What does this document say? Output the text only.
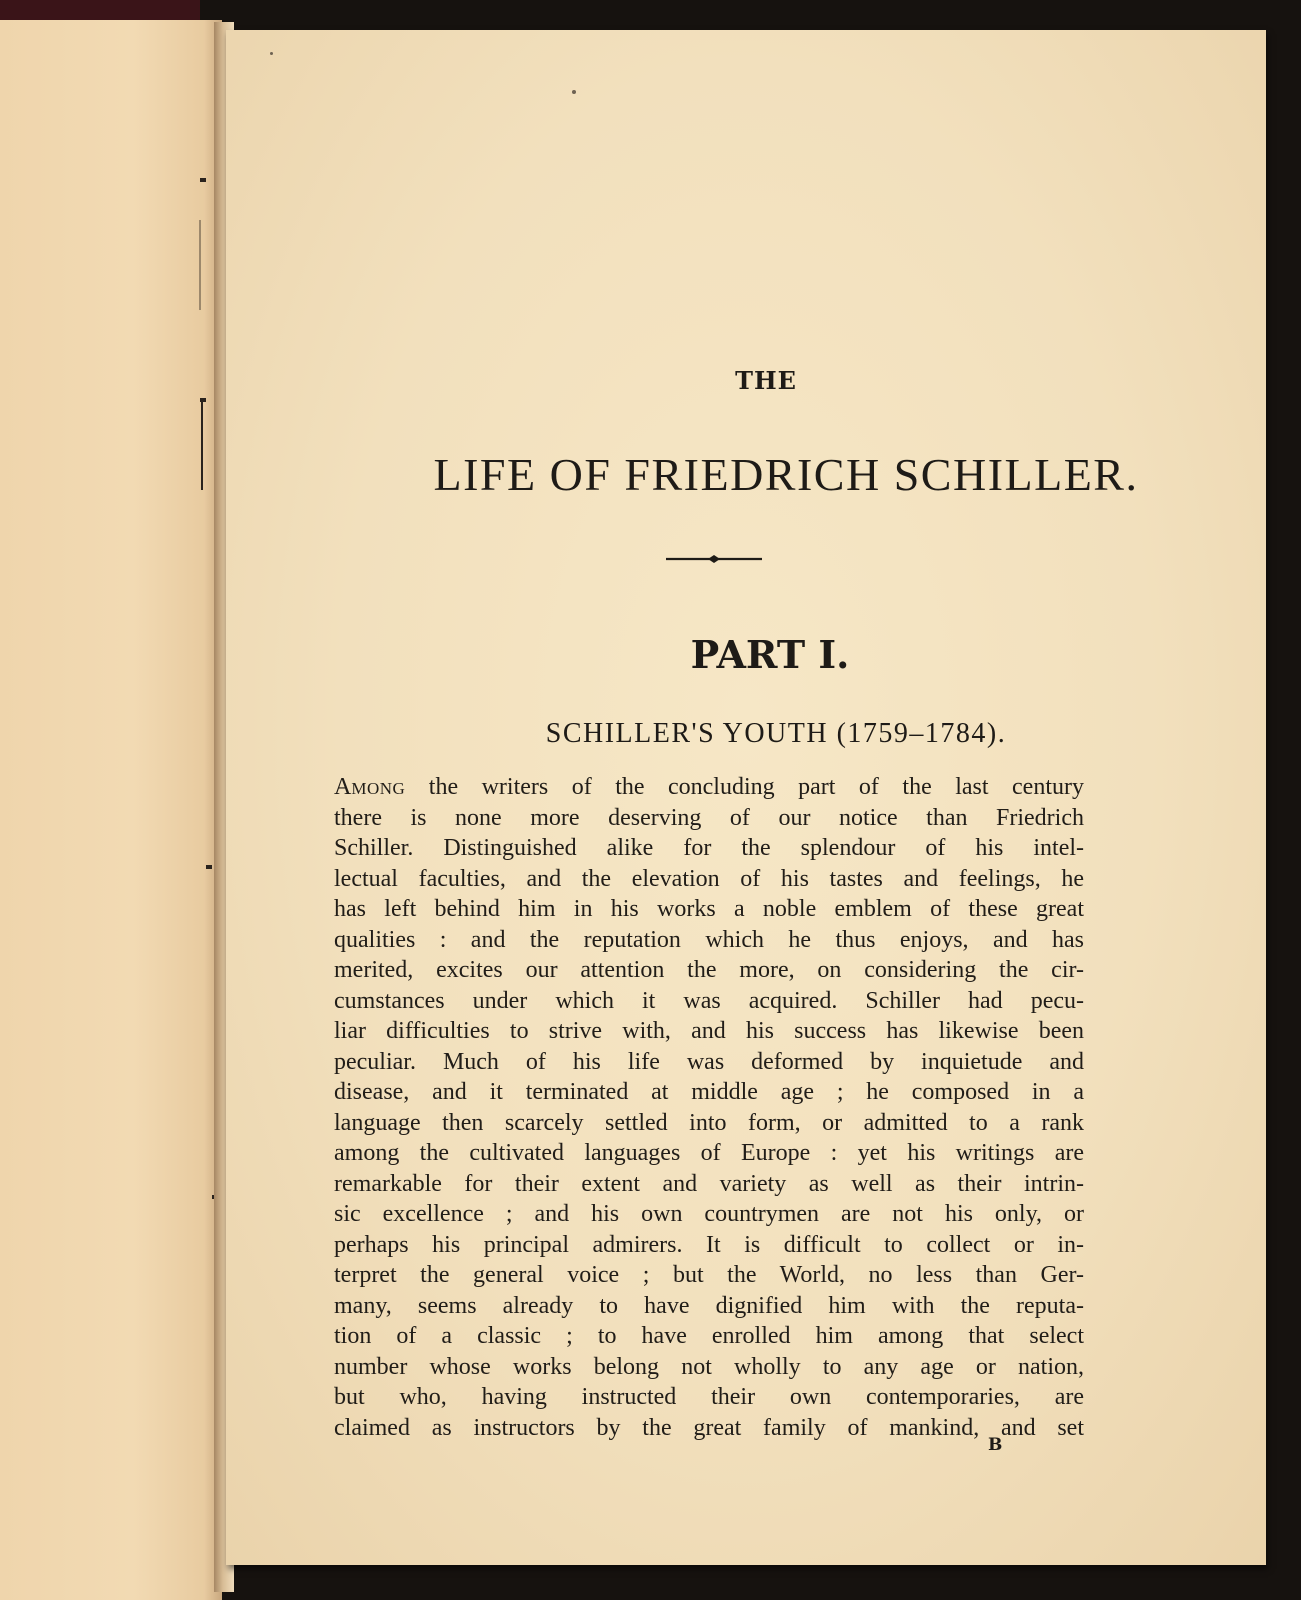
THE
LIFE OF FRIEDRICH SCHILLER.
PART I.
SCHILLER'S YOUTH (1759–1784).
Among the writers of the concluding part of the last century
there is none more deserving of our notice than Friedrich
Schiller. Distinguished alike for the splendour of his intel-
lectual faculties, and the elevation of his tastes and feelings, he
has left behind him in his works a noble emblem of these great
qualities : and the reputation which he thus enjoys, and has
merited, excites our attention the more, on considering the cir-
cumstances under which it was acquired. Schiller had pecu-
liar difficulties to strive with, and his success has likewise been
peculiar. Much of his life was deformed by inquietude and
disease, and it terminated at middle age ; he composed in a
language then scarcely settled into form, or admitted to a rank
among the cultivated languages of Europe : yet his writings are
remarkable for their extent and variety as well as their intrin-
sic excellence ; and his own countrymen are not his only, or
perhaps his principal admirers. It is difficult to collect or in-
terpret the general voice ; but the World, no less than Ger-
many, seems already to have dignified him with the reputa-
tion of a classic ; to have enrolled him among that select
number whose works belong not wholly to any age or nation,
but who, having instructed their own contemporaries, are
claimed as instructors by the great family of mankind, and set
B
